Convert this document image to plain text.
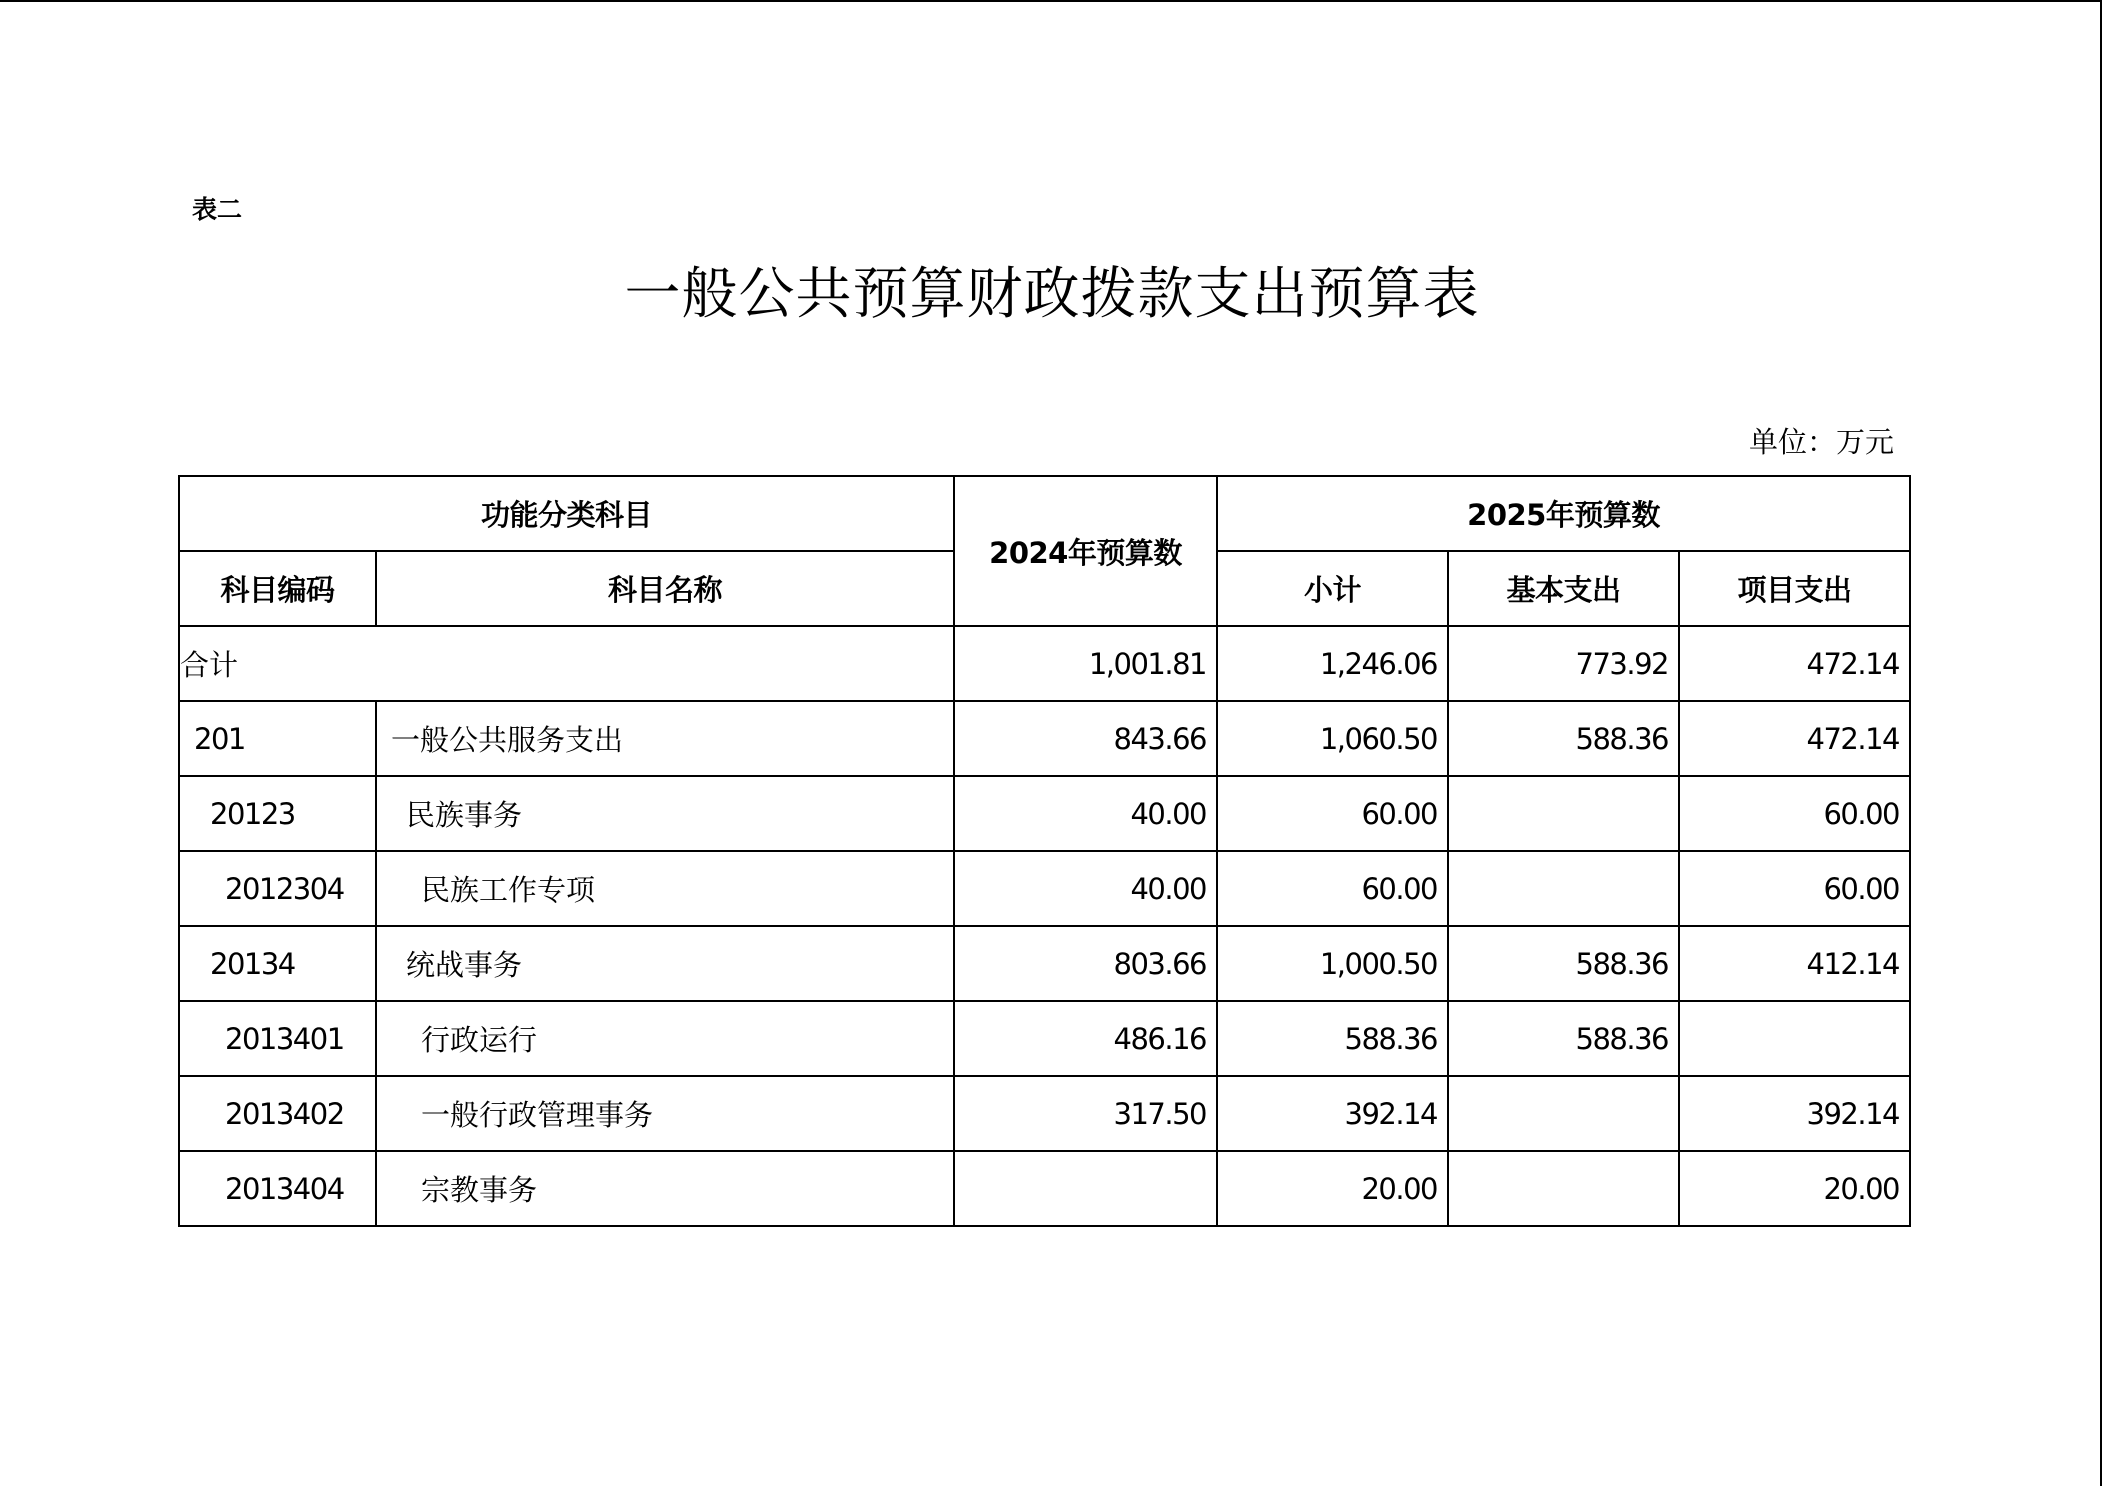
表二
一般公共预算财政拨款支出预算表
单位：万元
功能分类科目		2024年预算数	2025年预算数		
科目编码	科目名称		小计	基本支出	项目支出
合计		1,001.81	1,246.06	773.92	472.14
201	一般公共服务支出	843.66	1,060.50	588.36	472.14
20123	民族事务	40.00	60.00		60.00
2012304	民族工作专项	40.00	60.00		60.00
20134	统战事务	803.66	1,000.50	588.36	412.14
2013401	行政运行	486.16	588.36	588.36	
2013402	一般行政管理事务	317.50	392.14		392.14
2013404	宗教事务		20.00		20.00
